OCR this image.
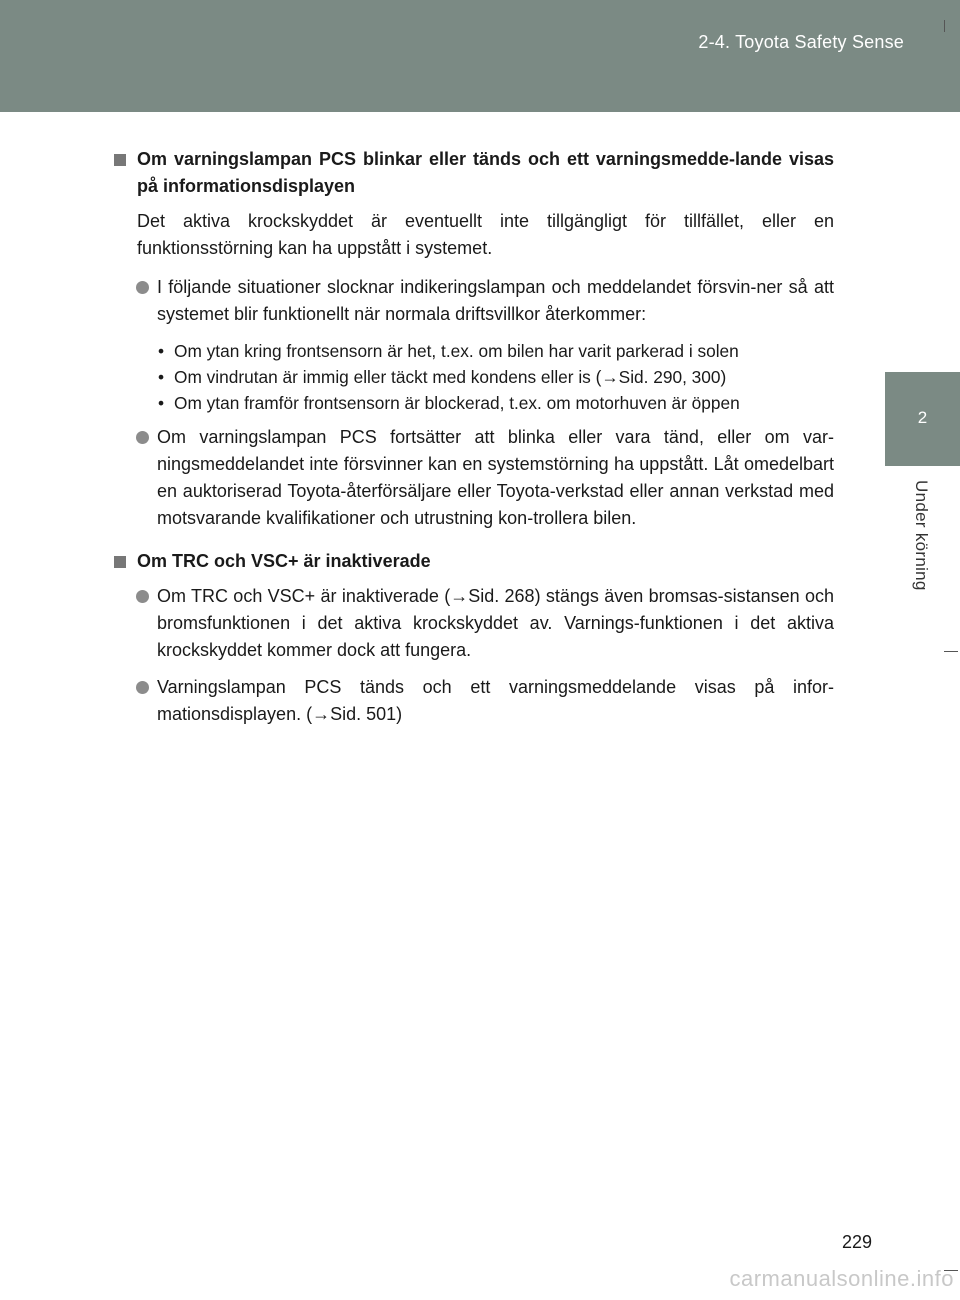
2-4. Toyota Safety Sense
2
Under körning
Om varningslampan PCS blinkar eller tänds och ett varningsmedde-lande visas på informationsdisplayen
Det aktiva krockskyddet är eventuellt inte tillgängligt för tillfället, eller en funktionsstörning kan ha uppstått i systemet.
I följande situationer slocknar indikeringslampan och meddelandet försvin-ner så att systemet blir funktionellt när normala driftsvillkor återkommer:
• Om ytan kring frontsensorn är het, t.ex. om bilen har varit parkerad i solen
• Om vindrutan är immig eller täckt med kondens eller is (→Sid. 290, 300)
• Om ytan framför frontsensorn är blockerad, t.ex. om motorhuven är öppen
Om varningslampan PCS fortsätter att blinka eller vara tänd, eller om var-ningsmeddelandet inte försvinner kan en systemstörning ha uppstått. Låt omedelbart en auktoriserad Toyota-återförsäljare eller Toyota-verkstad eller annan verkstad med motsvarande kvalifikationer och utrustning kon-trollera bilen.
Om TRC och VSC+ är inaktiverade
Om TRC och VSC+ är inaktiverade (→Sid. 268) stängs även bromsas-sistansen och bromsfunktionen i det aktiva krockskyddet av. Varnings-funktionen i det aktiva krockskyddet kommer dock att fungera.
Varningslampan PCS tänds och ett varningsmeddelande visas på infor-mationsdisplayen. (→Sid. 501)
229
carmanualsonline.info
